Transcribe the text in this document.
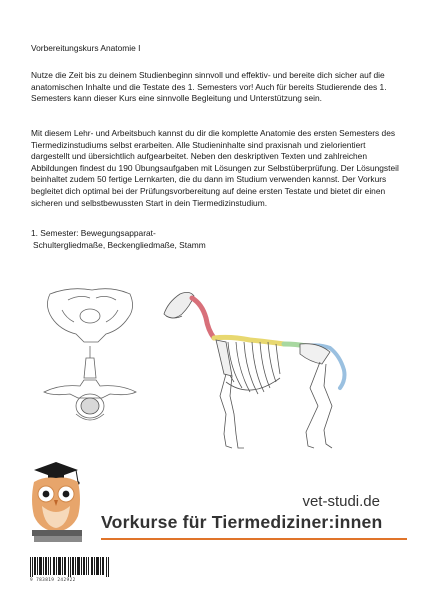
Vorbereitungskurs Anatomie I

Nutze die Zeit bis zu deinem Studienbeginn sinnvoll und effektiv- und bereite dich sicher auf die anatomischen Inhalte und die Testate des 1. Semesters vor! Auch für bereits Studierende des 1. Semesters kann dieser Kurs eine sinnvolle Begleitung und Unterstützung sein.

Mit diesem Lehr- und Arbeitsbuch kannst du dir die komplette Anatomie des ersten Semesters des Tiermedizinstudiums selbst erarbeiten. Alle Studieninhalte sind praxisnah und zielorientiert dargestellt und übersichtlich aufgearbeitet. Neben den deskriptiven Texten und zahlreichen Abbildungen findest du 190 Übungsaufgaben mit Lösungen zur Selbstüberprüfung. Der Lösungsteil beinhaltet zudem 50 fertige Lernkarten, die du dann im Studium verwenden kannst. Der Vorkurs begleitet dich optimal bei der Prüfungsvorbereitung auf deine ersten Testate und bietet dir einen sicheren und selbstbewussten Start in dein Tiermedizinstudium.

1. Semester: Bewegungsapparat-
Schultergliedmaße, Beckengliedmaße, Stamm
vet-studi.de
Vorkurse für Tiermediziner:innen
9 783819 242922
